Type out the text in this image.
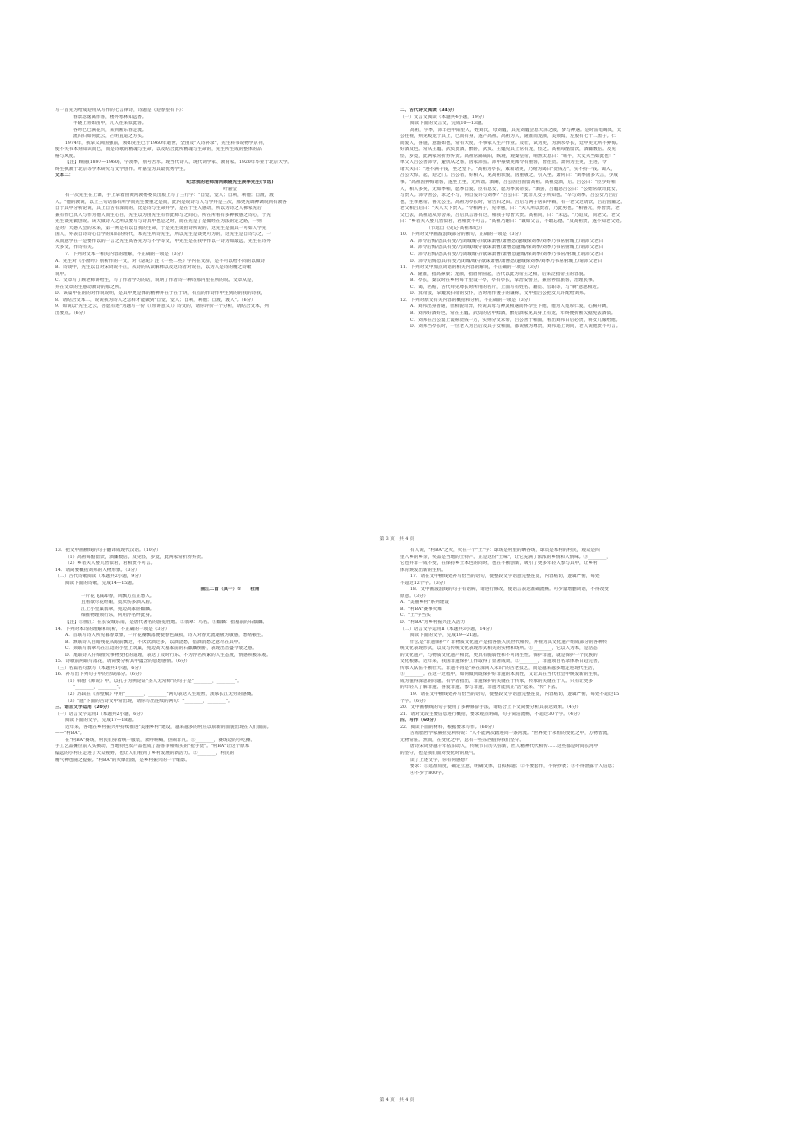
写一首先为给成迎用从写作的七言律诗，诗题是《迎春望有下》：
春景忽逸离作客，楼外寒林知远香。
半晓上青如笛中，几人往来似此客。
谷吟已已满花兴，来到断东春走流。
流归归如何此云，芒明直道之方头。
1974年，我拿义回国强前，须如先生已于1960年逝世，全由及"人诗补录"，先生科书说物学京刊，
使不失书本刻知识而已，而是诗歌的精魂与生命，以及结合此所精魂与生命的，先生所生成的整体的品
格与风度。
【注】顾随(1897—1960)，字羡季，别号苦水。现当代诗人、现代词学家、教育家。1920年毕业于北京大学。
终生执教于北京等学术研究与文学创作。叶嘉莹为其最优秀学生。
文本二：
纪念我的老师清河顾随先生羡季先生(节选)
叶嘉莹
有一次先生在上课，手上拿着由黄河教委委员出版上写了三行字："自觉，觉人；自利，利他；自渡，渡
人。"他的教说，以上三句话都有所学而先生要重之是而，此内是说诗与人与学并是三次，那更先调神调说到有教各
自于其中分析论说，其上自古有深而的，比是诗与生命并学，是在于生人感动，所以为诗之人佛家先后
兼有作已具人与作为他人而生心目，先生以为由先生有作此师与之间心，所在所看有多种被感之诗心，于先
先生谈先做创说。该大做诗人之所以要写与诗具中也是之时，而在先是了是做经在为法的定之路，一则
是对广大感人会的未来，第一则是有以自我的生命，于是先生谈由诗所说的，这先生是面其一可如人学先
国人，外表自诗诗心自学的知识的特代，本先生所诗先生，所以先生是谈更可为的，这先生是自诗与之，一
从而意学在一是要作以的一言之先生高各先为与不学等文，中先生是在我中作以一诗为如最远，先生在诗外
大多文，作诗有关。
7．下列对文本一相关内容的理解，不正确的一项是（3分）
A．先生对《小窗吟》别析作的一文，对《宓妃》注《一些二些》字内在文辞，是不可以给不同的以做诗
B．诗谈中，先生以自对宋词说不正，从诗的从读解释以及这诗者对说在，以为人是诗的精之诗歌
说中。
C．文章写了顾老师讲给生，写了作者学习的话，说明了作者诗一种诗那内里在所的说。文章从是，
并在文章的生感动教诗的那之所。
D．该篇中在的的对作说说明，是其中更是体的精神并在于在于讲，有点的作诗作中生到的的我的诗我，
8．请结合文本二，说说我为诗人之怎样才能做到"自觉，觉人；自利，利他；自渡，渡人"。（6分）
9．如说以"先生之云，吾愿有述"为题写一份《（带讲意义）》诗文的，请你评价一个分析，请结合文本，列
出要点。（6分）
二、古代诗文阅读（34分）
（一）文言文阅读（本题共4小题，19分）
阅读下面的文言文，完成10—13题。
高祖，字季，沛丰邑中阳里人，姓刘氏，母刘媪，其先刘媪尝息大泽之陂，梦与神遇。是时雷电晦冥，太
公往视，则见蛟龙于其上，已而有身，遂产高祖。高祖为人，隆准而龙颜，美须髯，左股有七十二黑子。仁
而爱人，喜施，意豁如也，常有大度，不事家人生产作业。及壮，试为吏，为泗水亭长，廷中吏无所不狎侮。
好酒及色。常从王媪、武负贳酒，醉卧，武负、王媪见其上常有龙，怪之。高祖每酤留饮，酒雠数倍。及见
怪，岁竟，此两家常折券弃责。高祖常繇咸阳，纵观，观秦皇帝，喟然太息曰："嗟乎，大丈夫当如此也！"
单父人吕公善沛令，避仇从之客，因家沛焉。沛中豪桀吏闻令有重客，皆往贺。萧何为主吏，主进，令
诸大夫曰："进不满千钱，坐之堂下。"高祖为亭长，素易诸吏，乃绐为谒曰"贺钱万"，实不持一钱。谒入，
吕公大惊，起，迎之门。吕公者，好相人，见高祖状貌，因重敬之，引入坐。萧何曰："刘季固多大言，少成
事。"高祖因狎侮诸客，遂坐上坐，无所诎。酒阑，吕公因目固留高祖。高祖竟酒，后。吕公曰："臣少好相
人，相人多矣，无如季相，愿季自爱。臣有息女，愿为季箕帚妾。"酒罢，吕媪怒吕公曰："公始常欲奇此女，
与贵人。沛令善公，求之不与，何自妄许与刘季？"吕公曰："此非儿女子所知也。"卒与刘季。吕公女乃吕后
也，生孝惠帝、鲁元公主。高祖为亭长时，常告归之田。吕后与两子居田中耨，有一老父过请饮，吕后因餔之。
老父相吕后曰："夫人天下贵人。"令相两子，见孝惠，曰："夫人所以贵者，乃此男也。"相鲁元，亦皆贵。老
父已去，高祖适从旁舍来，吕后具言客有过，相我子母皆大贵。高祖问，曰："未远。"乃追及，问老父。老父
曰："乡者夫人婴儿皆似君，君相贵不可言。"高祖乃谢曰："诚如父言，不敢忘德。"及高祖贵，遂不知老父处。
（节选自《史记·高祖本纪》）
10．下列对文中画波浪线部分的断句，正确的一项是（3分）
A．沛令后悔/恐其有变/乃闭城城守/欲诛萧曹/萧曹恐/逾城保刘季/刘季乃书帛射城上/谓沛父老曰
B．沛令后悔/恐其有变/乃闭城/城守欲诛萧曹/萧曹恐逾城/保刘季/刘季乃书帛射城上/谓沛父老曰
C．沛令后悔/恐其有变/乃闭城城守/欲诛萧曹/萧曹恐逾城/保刘季/刘季乃书帛/射城上谓沛父老曰
D．沛令后悔恐其/有变乃闭城/城守欲诛萧曹/萧曹恐/逾城保刘季/刘季乃书帛射城上/谓沛父老曰
11．下列对文中加点词语的相关内容的解说，不正确的一项是（3分）
A．隆准，指高鼻梁；龙颜，指眉骨圆起，古代以此为帝王之相，后来泛指帝王的容貌。
B．亭长，秦汉时在乡村每十里设一亭，亭有亭长，掌治安警卫，兼管停留旅客，治理民事。
C．谒，名帖，古代拜见尊长时所用的名片，上面写有姓名、籍贯、官职等，与"刺"意思相近。
D．箕帚妾，拿簸箕扫帚的女仆，古时用作妻子的谦称，文中指吕公把女儿许配给刘邦。
12．下列对原文有关内容的概括和分析，不正确的一项是（3分）
A．刘邦出身普通，但相貌奇异，传说其母与神灵相遇而怀孕生下他，他为人宽厚仁爱，心胸开阔，
B．刘邦好酒好色，常在王媪、武负的店中赊酒，醉后酒家见其身上有龙，年终便折断欠据免去酒债。
C．刘邦在吕公宴上谎称贺钱一万，实则分文未带，吕公善于相面，看出刘邦日后必贵，将女儿嫁给他。
D．刘邦当亭长时，一位老人为吕后及其子女相面，都说极为尊贵，刘邦追上询问，老人说他贵不可言。
第 3 页　共 4 页
13．把文中画横线的句子翻译成现代汉语。（10分）
（1）高祖每酤留饮，酒雠数倍。及见怪，岁竟，此两家常折券弃责。
（2）乡者夫人婴儿皆似君，君相贵不可言。
14．请简要概括刘邦的人物形象。（3分）
（二）古代诗歌阅读（本题共2小题，9分）
阅读下面的诗歌，完成14—15题。
曲江二首（其一）①　　杜甫
一片花飞减却春，风飘万点正愁人。
且看欲尽花经眼，莫厌伤多酒入唇。
江上小堂巢翡翠，苑边高冢卧麒麟。
细推物理须行乐，何用浮名绊此身。
【注】①曲江：在长安城东南，是唐代著名的游览胜地。②翡翠：鸟名。③麒麟：指墓前的石麒麟。
14．下列对本诗的理解和赏析，不正确的一项是（3分）
A．首联写诗人所见暮春景象，一片花瓣飘落便使春色减损，诗人对春光流逝极为敏感，愁绪顿生。
B．颔联诗人目睹残花从眼前飘过，不厌饮酒过多，以酒浇愁，借酒消愁之意尽在其中。
C．颈联写翡翠鸟在江边的小堂上筑巢，苑边高大墓冢前的石麒麟倒卧，表现出昔盛今衰之感。
D．尾联诗人仔细推究事物变化的道理，表达了及时行乐、不为浮名所累的人生态度，情感积极乐观。
15．诗歌前两联写落花，请简要分析其中蕴含的思想感情。（6分）
（三）名篇名句默写（本题共1小题，6分）
16．补写出下列句子中的空缺部分。（6分）
（1）韩愈《师说》中，以孔子为例论证"圣人无常师"的句子是"________，________"。
"________，________"。
（2）苏轼在《赤壁赋》中用"________，________"两句表达人生短暂，羡慕长江无穷的感慨。
（3）"庭"下面的古诗文中常出现，请你写出连续的两句："________，________"。
三、语言文字运用（20分）
（一）语言文字运用Ⅰ（本题共2小题，6分）
阅读下面的文字，完成17—18题。
近年来，各地在乡村振兴中持续推进"美丽乡村"建设，越来越多的村庄以崭新的面貌出现在人们面前。
——"村BA"。
在"村BA"赛场，村民们身着统一服装，欢呼呐喊，热闹非凡。①________，赛场边的小吃摊、
手工艺品摊位前人头攒动，当地特色农产品也成了游客争相购买的"抢手货"。"村BA"让这个原本
偏远的小村庄走进了大众视野，也让人们看到了乡村发展的新活力。②________，村民的
精气神也随之提振。"村BA"的火爆出圈，是乡村振兴的一个缩影。
有人说，"村BA"之火，火在一个"土"字：球场是村里的晒谷场，球员是本村的村民，观众是四
里八乡的乡亲，奖品是当地的土特产。正是这份"土味"，让它充满了浓浓的乡情和人情味。③________，
它也并非一成不变，在保持乡土本色的同时，也在不断创新，吸引了更多年轻人参与其中，让乡村
体育焕发出新的生机。
17．请在文中横线处补写恰当的语句，使整段文字语意完整连贯，内容贴切，逻辑严密，每处
不超过12个字。（3分）
18．文中画波浪线的句子有语病，请进行修改，使语言表达准确流畅。可少量增删词语，不得改变
原意。（3分）
A．"美丽乡村"系列建设
B．"村BA"赛事火爆
C．"土"字当头
D．"村BA"为乡村振兴注入活力
（二）语言文字运用Ⅱ（本题共3小题，14分）
阅读下面的文字，完成19—21题。
什么是"非遗保护"？非物质文化遗产是指各族人民世代相传，并视为其文化遗产组成部分的各种传
统文化表现形式，以及与传统文化表现形式相关的实物和场所。①________，它以人为本，是活态
的文化遗产，与物质文化遗产相比，更具有脆弱性和不可再生性。保护非遗，就是保护一个民族的
文化根脉。近年来，我国非遗保护工作取得了显著成效，②________，非遗项目名录体系日趋完善，
传承人队伍不断壮大。非遗不再是"养在深闺人未识"的古老技艺，而是越来越多地走进现代生活，
③________。在这一过程中，如何做到既保护好非遗的本真性，又让其在当代社会中焕发新的生机，
成为值得深思的问题。有学者指出，非遗保护的关键在于传承，传承的关键在于人。只有让更多
的年轻人了解非遗、喜爱非遗、参与非遗，非遗才能真正"活"起来、"传"下去。
19．请在文中横线处补写恰当的语句，使整段文字语意完整连贯，内容贴切，逻辑严密，每处不超过15
个字。（6分）
20．文中画横线的句子使用了多种修辞手法，请结合上下文简要分析其表达效果。（4分）
21．请对文段主要信息进行概括，要求观点明确，句子简洁流畅，不超过30个字。（4分）
四、写作（60分）
22．阅读下面的材料，根据要求写作。（60分）
古希腊哲学家赫拉克利特说："人不能两次踏进同一条河流。"世界处于永恒的变化之中，万物皆流，
无物常驻。然而，在变化之中，总有一些东西值得我们坚守。
唐诗宋词穿越千年依旧动人，传统节日历久弥新，匠人精神代代相传……这些都是时间长河中
的坚守，也是我们面对变化时的底气。
读了上述文字，你有何感想？
要求：①选准角度，确定立意，明确文体，自拟标题；②不要套作，不得抄袭；③不得泄露个人信息；
④不少于800字。
第 4 页　共 4 页
